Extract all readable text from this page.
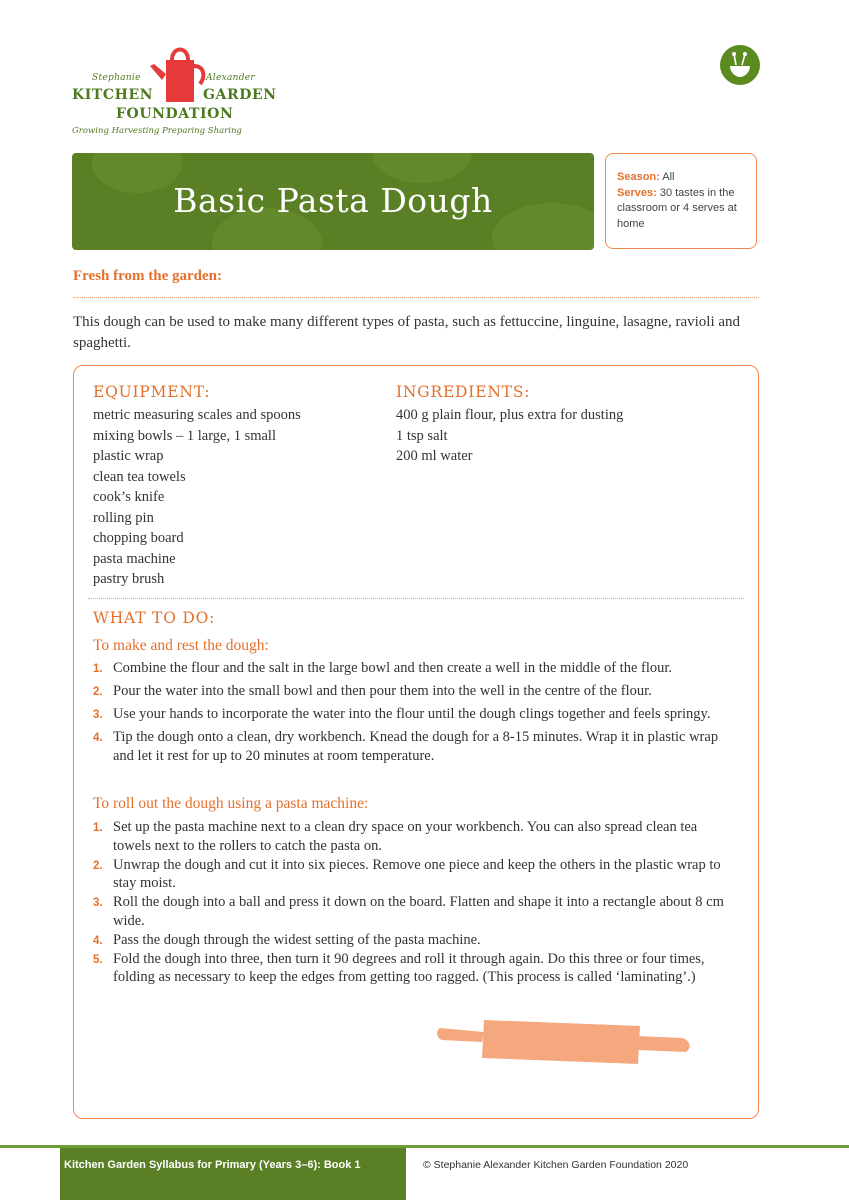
Stephanie	Alexander
KITCHEN	GARDEN
FOUNDATION
Growing Harvesting Preparing Sharing
Basic Pasta Dough
Season: All
Serves: 30 tastes in the classroom or 4 serves at home
Fresh from the garden:
This dough can be used to make many different types of pasta, such as fettuccine, linguine, lasagne, ravioli and spaghetti.
EQUIPMENT:
metric measuring scales and spoons
mixing bowls – 1 large, 1 small
plastic wrap
clean tea towels
cook’s knife
rolling pin
chopping board
pasta machine
pastry brush
INGREDIENTS:
400 g plain flour, plus extra for dusting
1 tsp salt
200 ml water
WHAT TO DO:
To make and rest the dough:
1. Combine the flour and the salt in the large bowl and then create a well in the middle of the flour.
2. Pour the water into the small bowl and then pour them into the well in the centre of the flour.
3. Use your hands to incorporate the water into the flour until the dough clings together and feels springy.
4. Tip the dough onto a clean, dry workbench. Knead the dough for a 8-15 minutes. Wrap it in plastic wrap and let it rest for up to 20 minutes at room temperature.
To roll out the dough using a pasta machine:
1. Set up the pasta machine next to a clean dry space on your workbench. You can also spread clean tea towels next to the rollers to catch the pasta on.
2. Unwrap the dough and cut it into six pieces. Remove one piece and keep the others in the plastic wrap to stay moist.
3. Roll the dough into a ball and press it down on the board. Flatten and shape it into a rectangle about 8 cm wide.
4. Pass the dough through the widest setting of the pasta machine.
5. Fold the dough into three, then turn it 90 degrees and roll it through again. Do this three or four times, folding as necessary to keep the edges from getting too ragged. (This process is called ‘laminating’.)
Kitchen Garden Syllabus for Primary (Years 3–6): Book 1	© Stephanie Alexander Kitchen Garden Foundation 2020
